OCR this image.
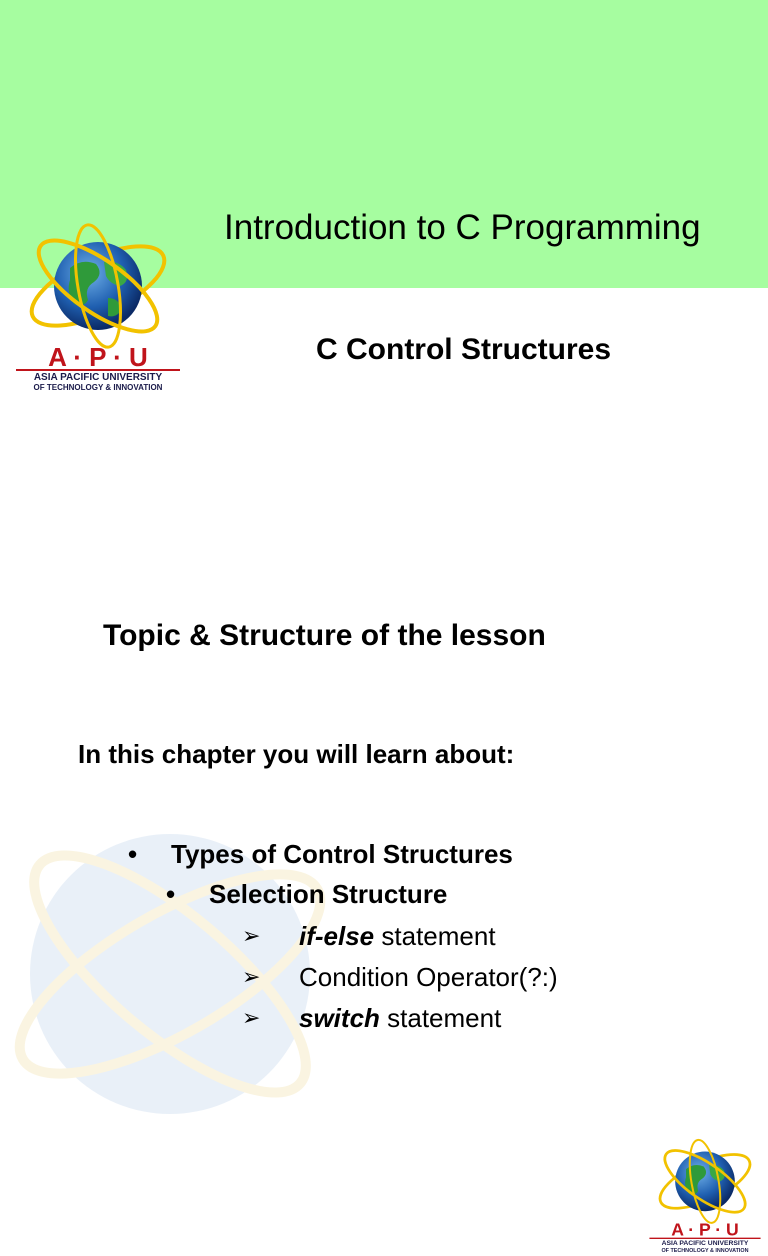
Introduction to C Programming
C Control Structures
A · P · U
ASIA PACIFIC UNIVERSITY
OF TECHNOLOGY & INNOVATION
A · P · U
ASIA PACIFIC UNIVERSITY
OF TECHNOLOGY & INNOVATION
Topic & Structure of the lesson
In this chapter you will learn about:
• Types of Control Structures
• Selection Structure
➢ if-else statement
➢ Condition Operator(?:)
➢ switch statement
